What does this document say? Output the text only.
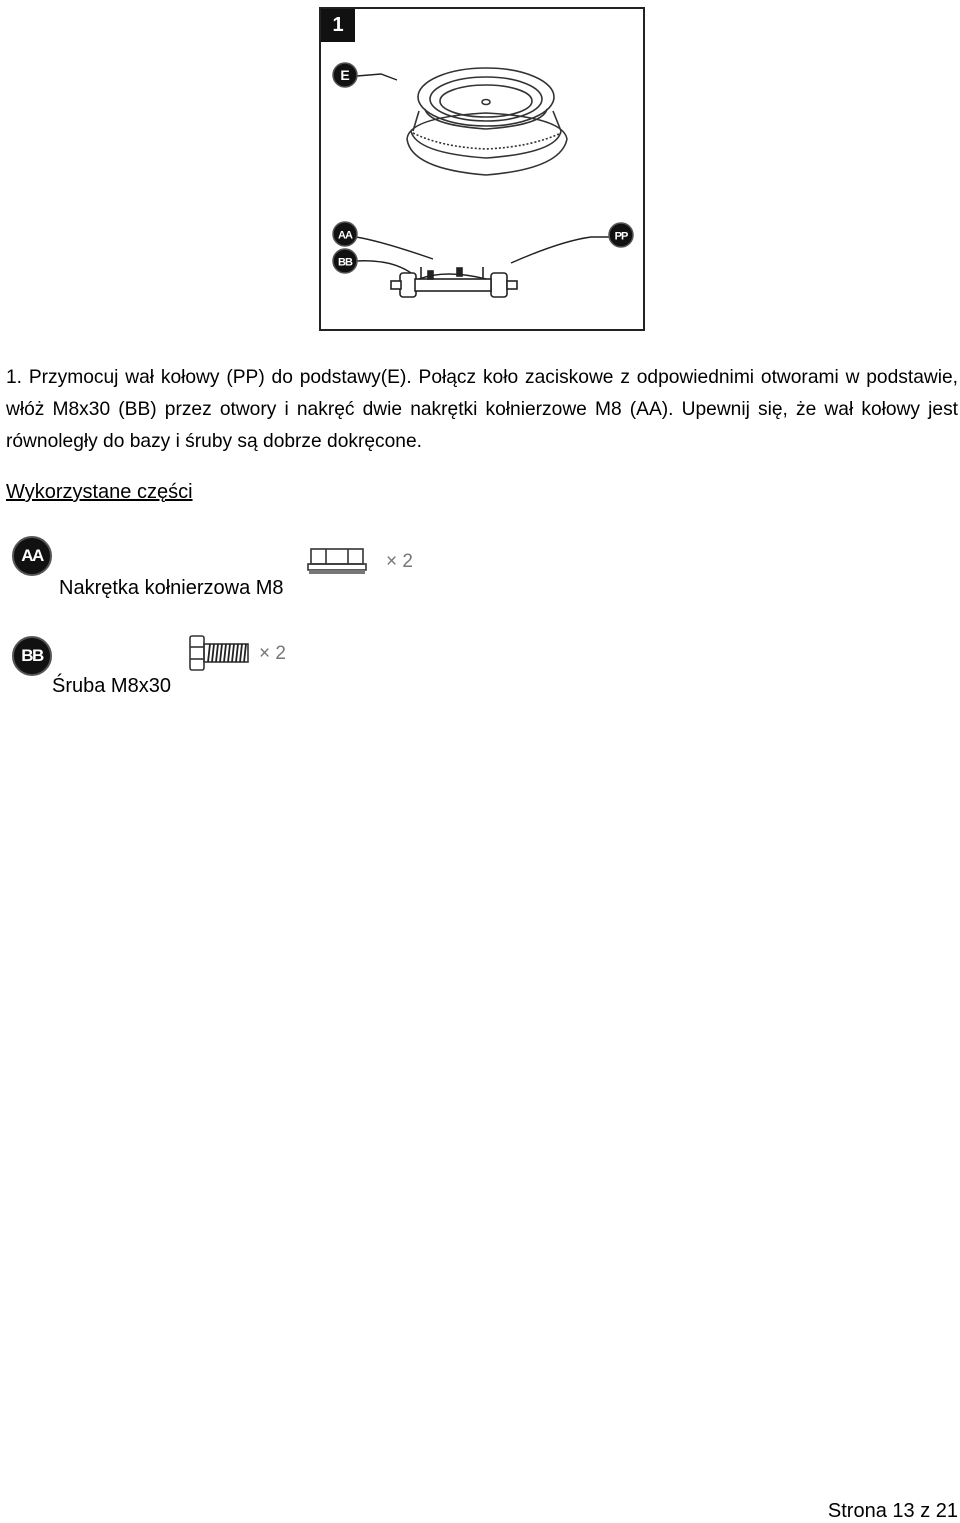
E
AA
BB
PP
1

1. Przymocuj wał kołowy (PP) do podstawy(E). Połącz koło zaciskowe z odpowiednimi otworami w podstawie, włóż M8x30 (BB) przez otwory i nakręć dwie nakrętki kołnierzowe M8 (AA). Upewnij się, że wał kołowy jest równoległy do bazy i śruby są dobrze dokręcone.

Wykorzystane części

AA	× 2

Nakrętka kołnierzowa M8

BB	× 2

Śruba M8x30

Strona 13 z 21
